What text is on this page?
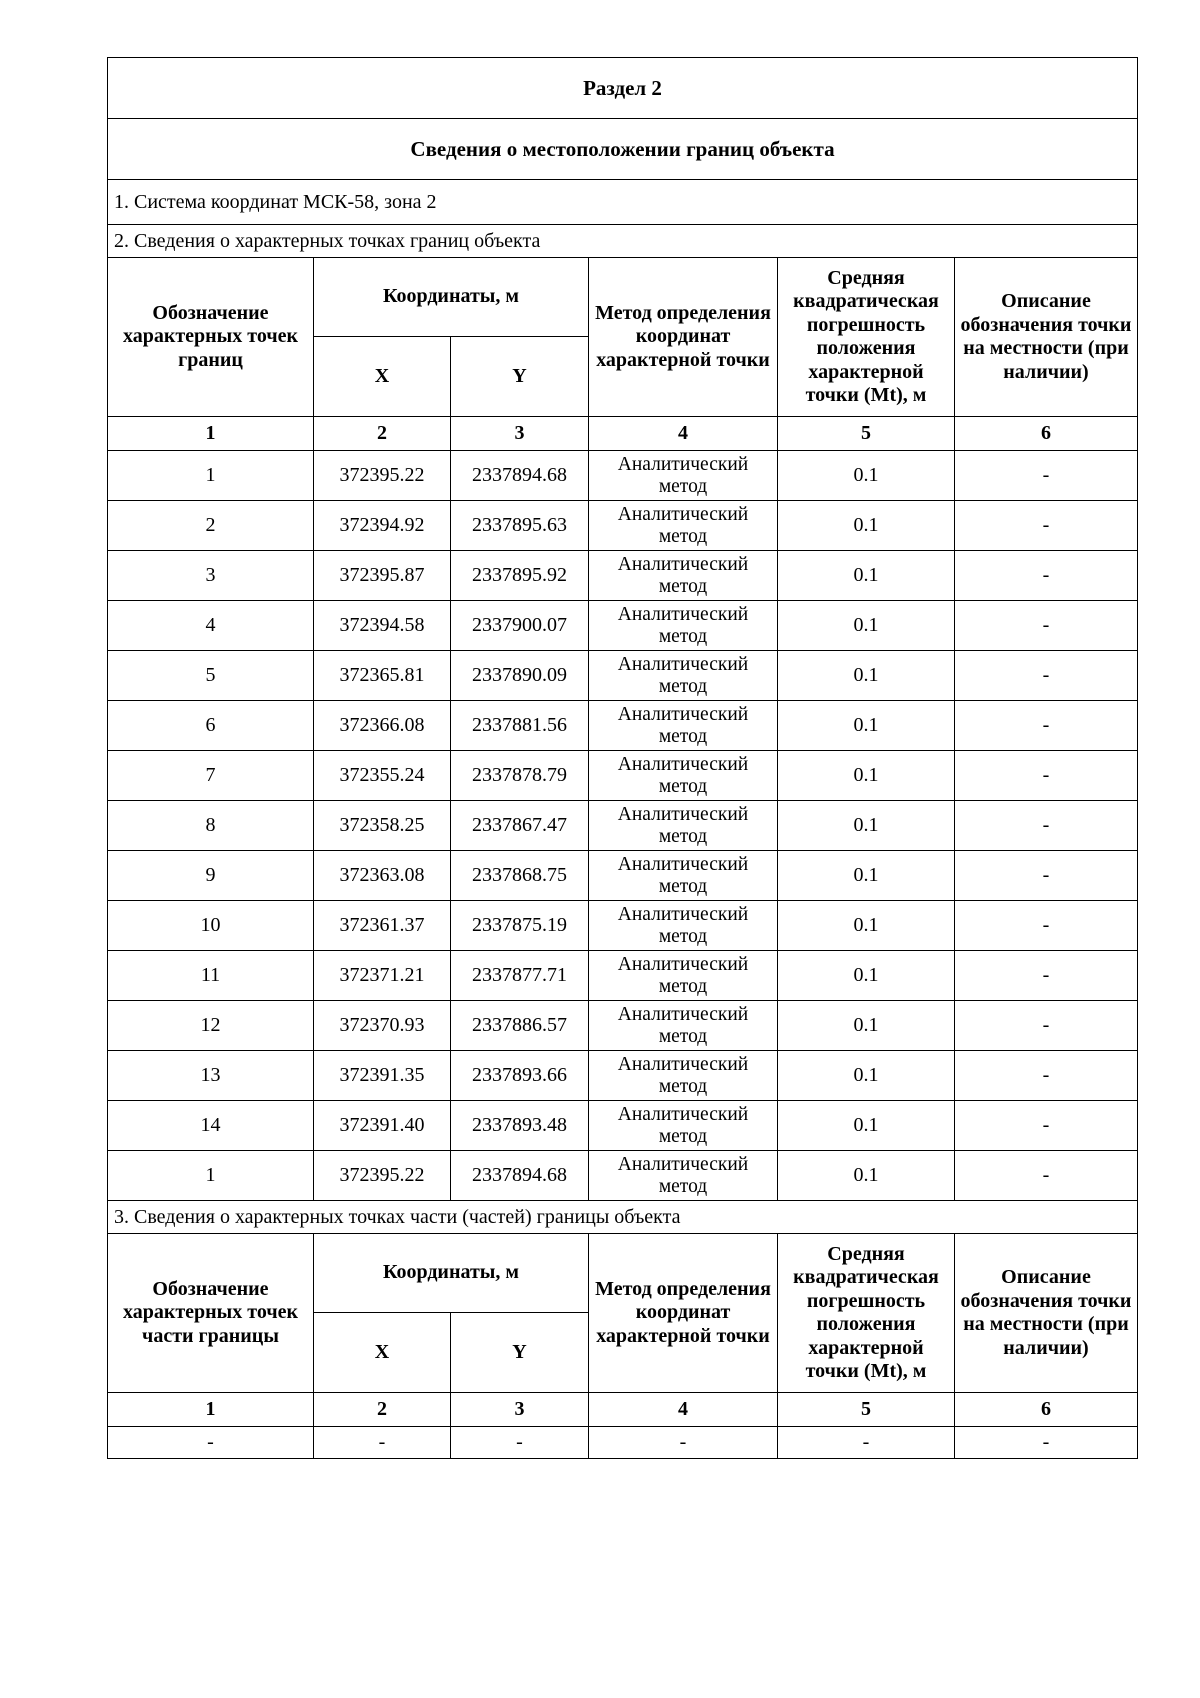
Раздел 2					
Сведения о местоположении границ объекта					
1. Система координат МСК-58, зона 2					
2. Сведения о характерных точках границ объекта					
Обозначение характерных точек границ	Координаты, м		Метод определения координат характерной точки	Средняя квадратическая погрешность положения характерной точки (Mt), м	Описание обозначения точки на местности (при наличии)
	X	Y			
1	2	3	4	5	6
1	372395.22	2337894.68	Аналитический метод	0.1	-
2	372394.92	2337895.63	Аналитический метод	0.1	-
3	372395.87	2337895.92	Аналитический метод	0.1	-
4	372394.58	2337900.07	Аналитический метод	0.1	-
5	372365.81	2337890.09	Аналитический метод	0.1	-
6	372366.08	2337881.56	Аналитический метод	0.1	-
7	372355.24	2337878.79	Аналитический метод	0.1	-
8	372358.25	2337867.47	Аналитический метод	0.1	-
9	372363.08	2337868.75	Аналитический метод	0.1	-
10	372361.37	2337875.19	Аналитический метод	0.1	-
11	372371.21	2337877.71	Аналитический метод	0.1	-
12	372370.93	2337886.57	Аналитический метод	0.1	-
13	372391.35	2337893.66	Аналитический метод	0.1	-
14	372391.40	2337893.48	Аналитический метод	0.1	-
1	372395.22	2337894.68	Аналитический метод	0.1	-
3. Сведения о характерных точках части (частей) границы объекта					
Обозначение характерных точек части границы	Координаты, м		Метод определения координат характерной точки	Средняя квадратическая погрешность положения характерной точки (Mt), м	Описание обозначения точки на местности (при наличии)
	X	Y			
1	2	3	4	5	6
-	-	-	-	-	-
